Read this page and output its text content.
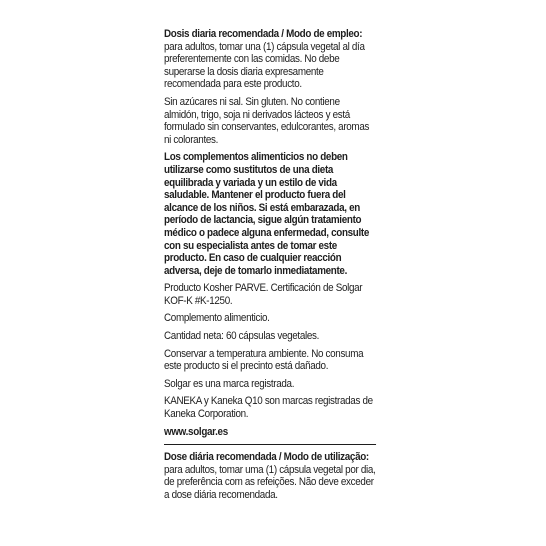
Dosis diaria recomendada / Modo de empleo: para adultos, tomar una (1) cápsula vegetal al día preferentemente con las comidas. No debe superarse la dosis diaria expresamente recomendada para este producto.

Sin azúcares ni sal. Sin gluten. No contiene almidón, trigo, soja ni derivados lácteos y está formulado sin conservantes, edulcorantes, aromas ni colorantes.

Los complementos alimenticios no deben utilizarse como sustitutos de una dieta equilibrada y variada y un estilo de vida saludable. Mantener el producto fuera del alcance de los niños. Si está embarazada, en período de lactancia, sigue algún tratamiento médico o padece alguna enfermedad, consulte con su especialista antes de tomar este producto. En caso de cualquier reacción adversa, deje de tomarlo inmediatamente.

Producto Kosher PARVE. Certificación de Solgar KOF-K #K-1250.

Complemento alimenticio.

Cantidad neta: 60 cápsulas vegetales.

Conservar a temperatura ambiente. No consuma este producto si el precinto está dañado.

Solgar es una marca registrada.

KANEKA y Kaneka Q10 son marcas registradas de Kaneka Corporation.

www.solgar.es

Dose diária recomendada / Modo de utilização: para adultos, tomar uma (1) cápsula vegetal por dia, de preferência com as refeições. Não deve exceder a dose diária recomendada.
